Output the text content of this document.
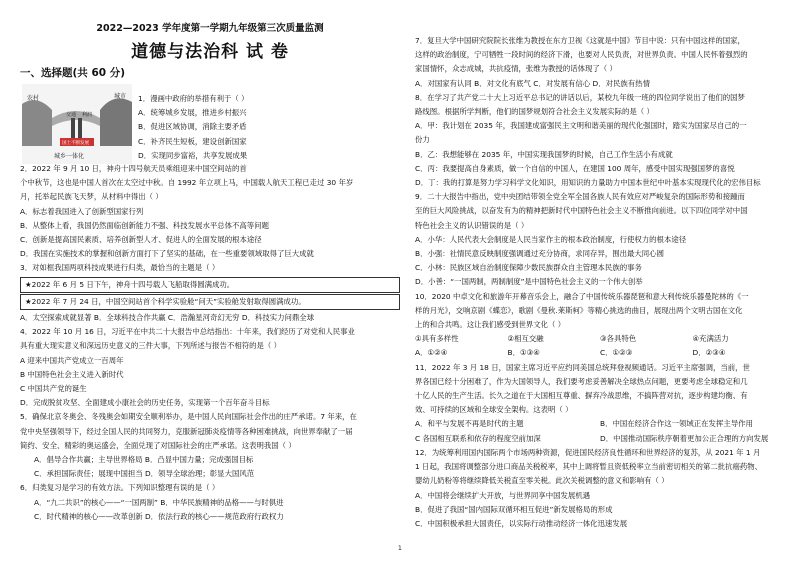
2022—2023 学年度第一学期九年级第三次质量监测
道德与法治科 试 卷
一、选择题(共 60 分)
农村	城市
交通 利润
国土不断发展
城乡一体化
1．漫画中政府的举措有利于（ ）
A．统筹城乡发展，推进乡村振兴
B．促进区域协调，消除主要矛盾
C．补齐民生短板，建设创新国家
D．实现同步富裕，共享发展成果
2．2022 年 9 月 10 日，神舟十四号航天员乘组迎来中国空间站的首
个中秋节，这也是中国人首次在太空过中秋。自 1992 年立项上马，中国载人航天工程已走过 30 年岁
月，托举起民族飞天梦，从材料中得出（ ）
A．标志着我国进入了创新型国家行列
B．从整体上看，我国仍然面临创新能力不强、科技发展水平总体不高等问题
C．创新是提高国民素质、培养创新型人才、促进人的全面发展的根本途径
D．我国在实施技术的掌握和创新方面打下了坚实的基础，在一些重要领域取得了巨大成就
3．对如框我国两项科技成果进行归类，最恰当的主题是（ ）
★2022 年 6 月 5 日下午，神舟十四号载人飞船取得圆满成功。
★2022 年 7 月 24 日，中国空间站首个科学实验舱“问天”实验舱发射取得圆满成功。
A．太空探索成就显著 B．全球科技合作共赢 C．浩瀚星河奇幻无穷 D．科技实力问鼎全球
4．2022 年 10 月 16 日，习近平在中共二十大报告中总结指出：十年来，我们经历了对党和人民事业
具有重大现实意义和深远历史意义的三件大事，下列所述与报告不相符的是（ ）
A 迎来中国共产党成立一百周年
B 中国特色社会主义进入新时代
C 中国共产党的诞生
D．完成脱贫攻坚、全面建成小康社会的历史任务，实现第一个百年奋斗目标
5．确保北京冬奥会、冬残奥会如期安全顺利举办，是中国人民向国际社会作出的庄严承诺。7 年来，在
党中央坚强领导下，经过全国人民的共同努力，克服新冠肺炎疫情等各种困难挑战，向世界奉献了一届
简约、安全、精彩的奥运盛会，全面兑现了对国际社会的庄严承诺。这表明我国（ ）
A．倡导合作共赢；主导世界格局 B．凸显中国力量；完成强国目标
C．承担国际责任；展现中国担当 D．领导全球治理；彰显大国风范
6．归类复习是学习的有效方法。下列知识整理有误的是（ ）
A．“九二共识”的核心——“一国两制” B．中华民族精神的品格——与时俱进
C．时代精神的核心——改革创新 D．依法行政的核心——规范政府行政权力
7．复旦大学中国研究院院长张维为教授在东方卫视《这就是中国》节目中说：只有中国这样的国家，
这样的政治制度，宁可牺牲一段时间的经济下滑，也要对人民负责，对世界负责。中国人民怀着强烈的
家国情怀，众志成城，共抗疫情，张维为教授的话体现了（ ）
A．对国家有认同 B．对文化有底气 C．对发展有信心 D．对民族有热情
8．在学习了共产党二十大上习近平总书记的讲话以后，某校九年级一班的四位同学说出了他们的国梦
路线图。根据所学判断，他们的国梦规划符合社会主义发展实际的是（ ）
A．甲：我计划在 2035 年，我国建成富强民主文明和谐美丽的现代化强国时，踏实为国家尽自己的一
份力
B．乙：我想能够在 2035 年，中国实现我国梦的时候，自己工作生活小有成就
C．丙：我要提高自身素质，做一个自信的中国人，在建国 100 周年，感受中国实现强国梦的喜悦
D．丁：我的打算是努力学习科学文化知识，用知识的力量助力中国本世纪中叶基本实现现代化的宏伟目标
9．二十大报告中指出，党中央团结带领全党全军全国各族人民有效应对严峻复杂的国际形势和接踵而
至的巨大风险挑战，以奋发有为的精神把新时代中国特色社会主义不断推向前进。以下四位同学对中国
特色社会主义的认识错误的是（ ）
A．小华：人民代表大会制度是人民当家作主的根本政治制度，行使权力的根本途径
B．小强：社情民意反映制度强调通过充分协商，求同存异，围出最大同心圆
C．小林：民族区域自治制度保障少数民族群众自主管理本民族的事务
D．小善：“一国两制，两制制度”是中国特色社会主义的一个伟大创举
10．2020 中卓文化和旅游年开幕音乐会上，融合了中国传统乐器琵琶和意大利传统乐器曼陀林的《一
样的月光》，交响京剧《蝶恋》，歌剧《曼秋.莱斯柯》等精心挑选的曲目，展现出两个文明古国在文化
上的和合共鸣。这让我们感受到世界文化（ ）
①具有多样性	②相互交融	③各具特色	④充满活力
A．①②④	B．①③④	C．①②③	D．②③④
11．2022 年 3 月 18 日，国家主席习近平应约同美国总统拜登视频通话。习近平主席强调，当前，世
界各国已经十分困难了，作为大国领导人，我们要考虑妥善解决全球热点问题，更要考虑全球稳定和几
十亿人民的生产生活。长久之道在于大国相互尊重、摒弃冷战思维，不搞阵营对抗，逐步构建均衡、有
效、可持续的区域和全球安全架构。这表明（ ）
A．和平与发展不再是时代的主题	B．中国在经济合作这一领域正在发挥主导作用
C 各国相互联系和依存的程度空前加深	D．中国推动国际秩序朝着更加公正合理的方向发展
12．为统筹利用国内国际两个市场两种资源，促进国民经济良性循环和世界经济的复苏，从 2021 年 1 月
1 日起，我国将调整部分进口商品关税税率，其中上调将暂且资低税率立当前密切相关的第二批抗癌药物、
婴幼儿奶粉等将继续降低关税直至零关税。此次关税调整的意义和影响有（ ）
A．中国将会继续扩大开放，与世界同享中国发展机遇
B．促进了我国“国内国际双循环相互促进”新发展格局的形成
C．中国积极承担大国责任，以实际行动推动经济一体化迅速发展
1
